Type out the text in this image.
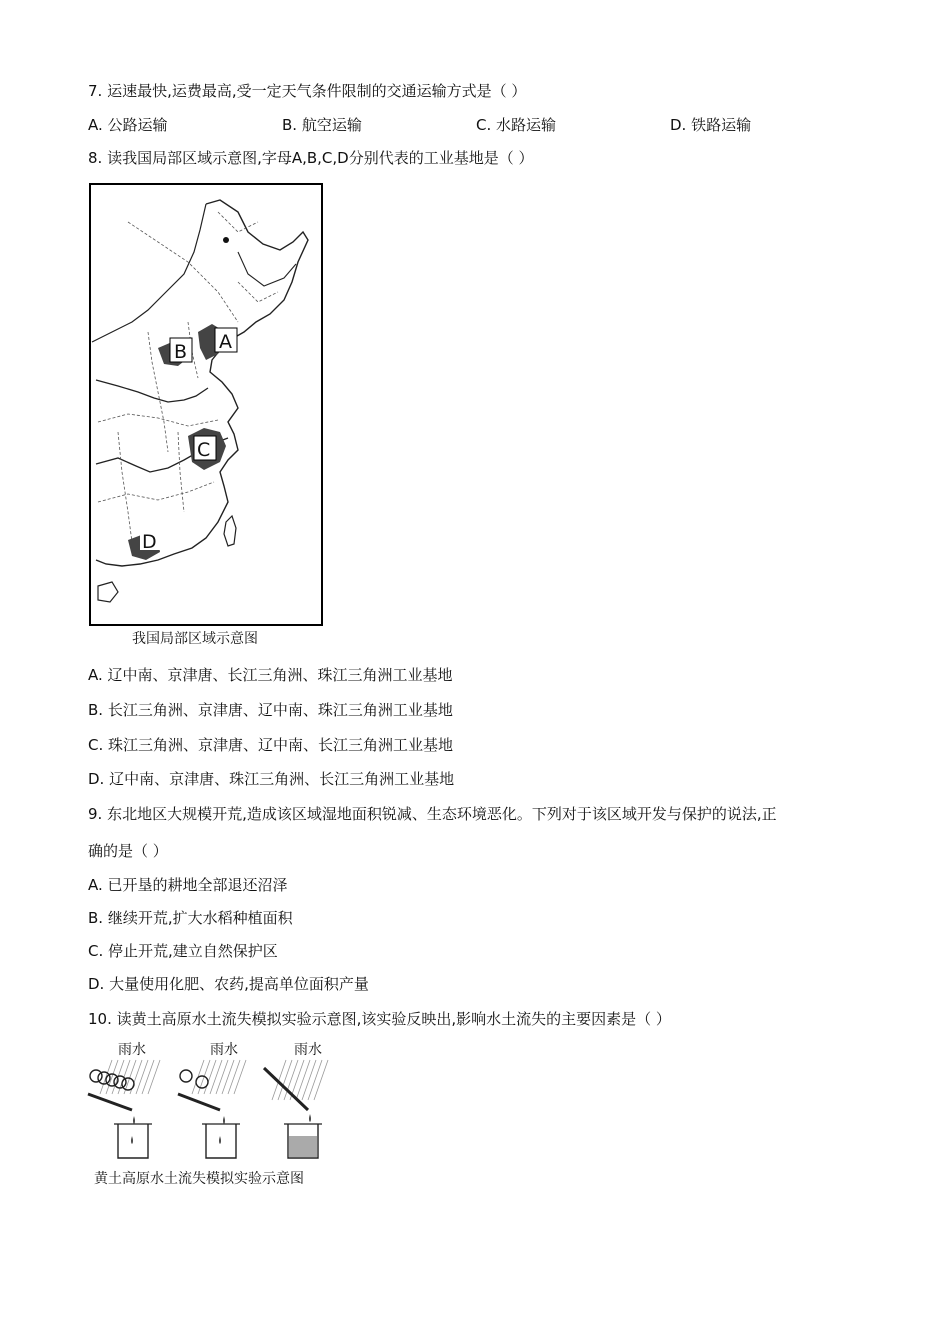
7. 运速最快,运费最高,受一定天气条件限制的交通运输方式是（ ）
A. 公路运输	B. 航空运输	C. 水路运输	D. 铁路运输
8. 读我国局部区域示意图,字母A,B,C,D分别代表的工业基地是（ ）
A
B
C
D
我国局部区域示意图
A. 辽中南、京津唐、长江三角洲、珠江三角洲工业基地
B. 长江三角洲、京津唐、辽中南、珠江三角洲工业基地
C. 珠江三角洲、京津唐、辽中南、长江三角洲工业基地
D. 辽中南、京津唐、珠江三角洲、长江三角洲工业基地
9. 东北地区大规模开荒,造成该区域湿地面积锐减、生态环境恶化。下列对于该区域开发与保护的说法,正
确的是（ ）
A. 已开垦的耕地全部退还沼泽
B. 继续开荒,扩大水稻种植面积
C. 停止开荒,建立自然保护区
D. 大量使用化肥、农药,提高单位面积产量
10. 读黄土高原水土流失模拟实验示意图,该实验反映出,影响水土流失的主要因素是（ ）
雨水	雨水	雨水
黄土高原水土流失模拟实验示意图
